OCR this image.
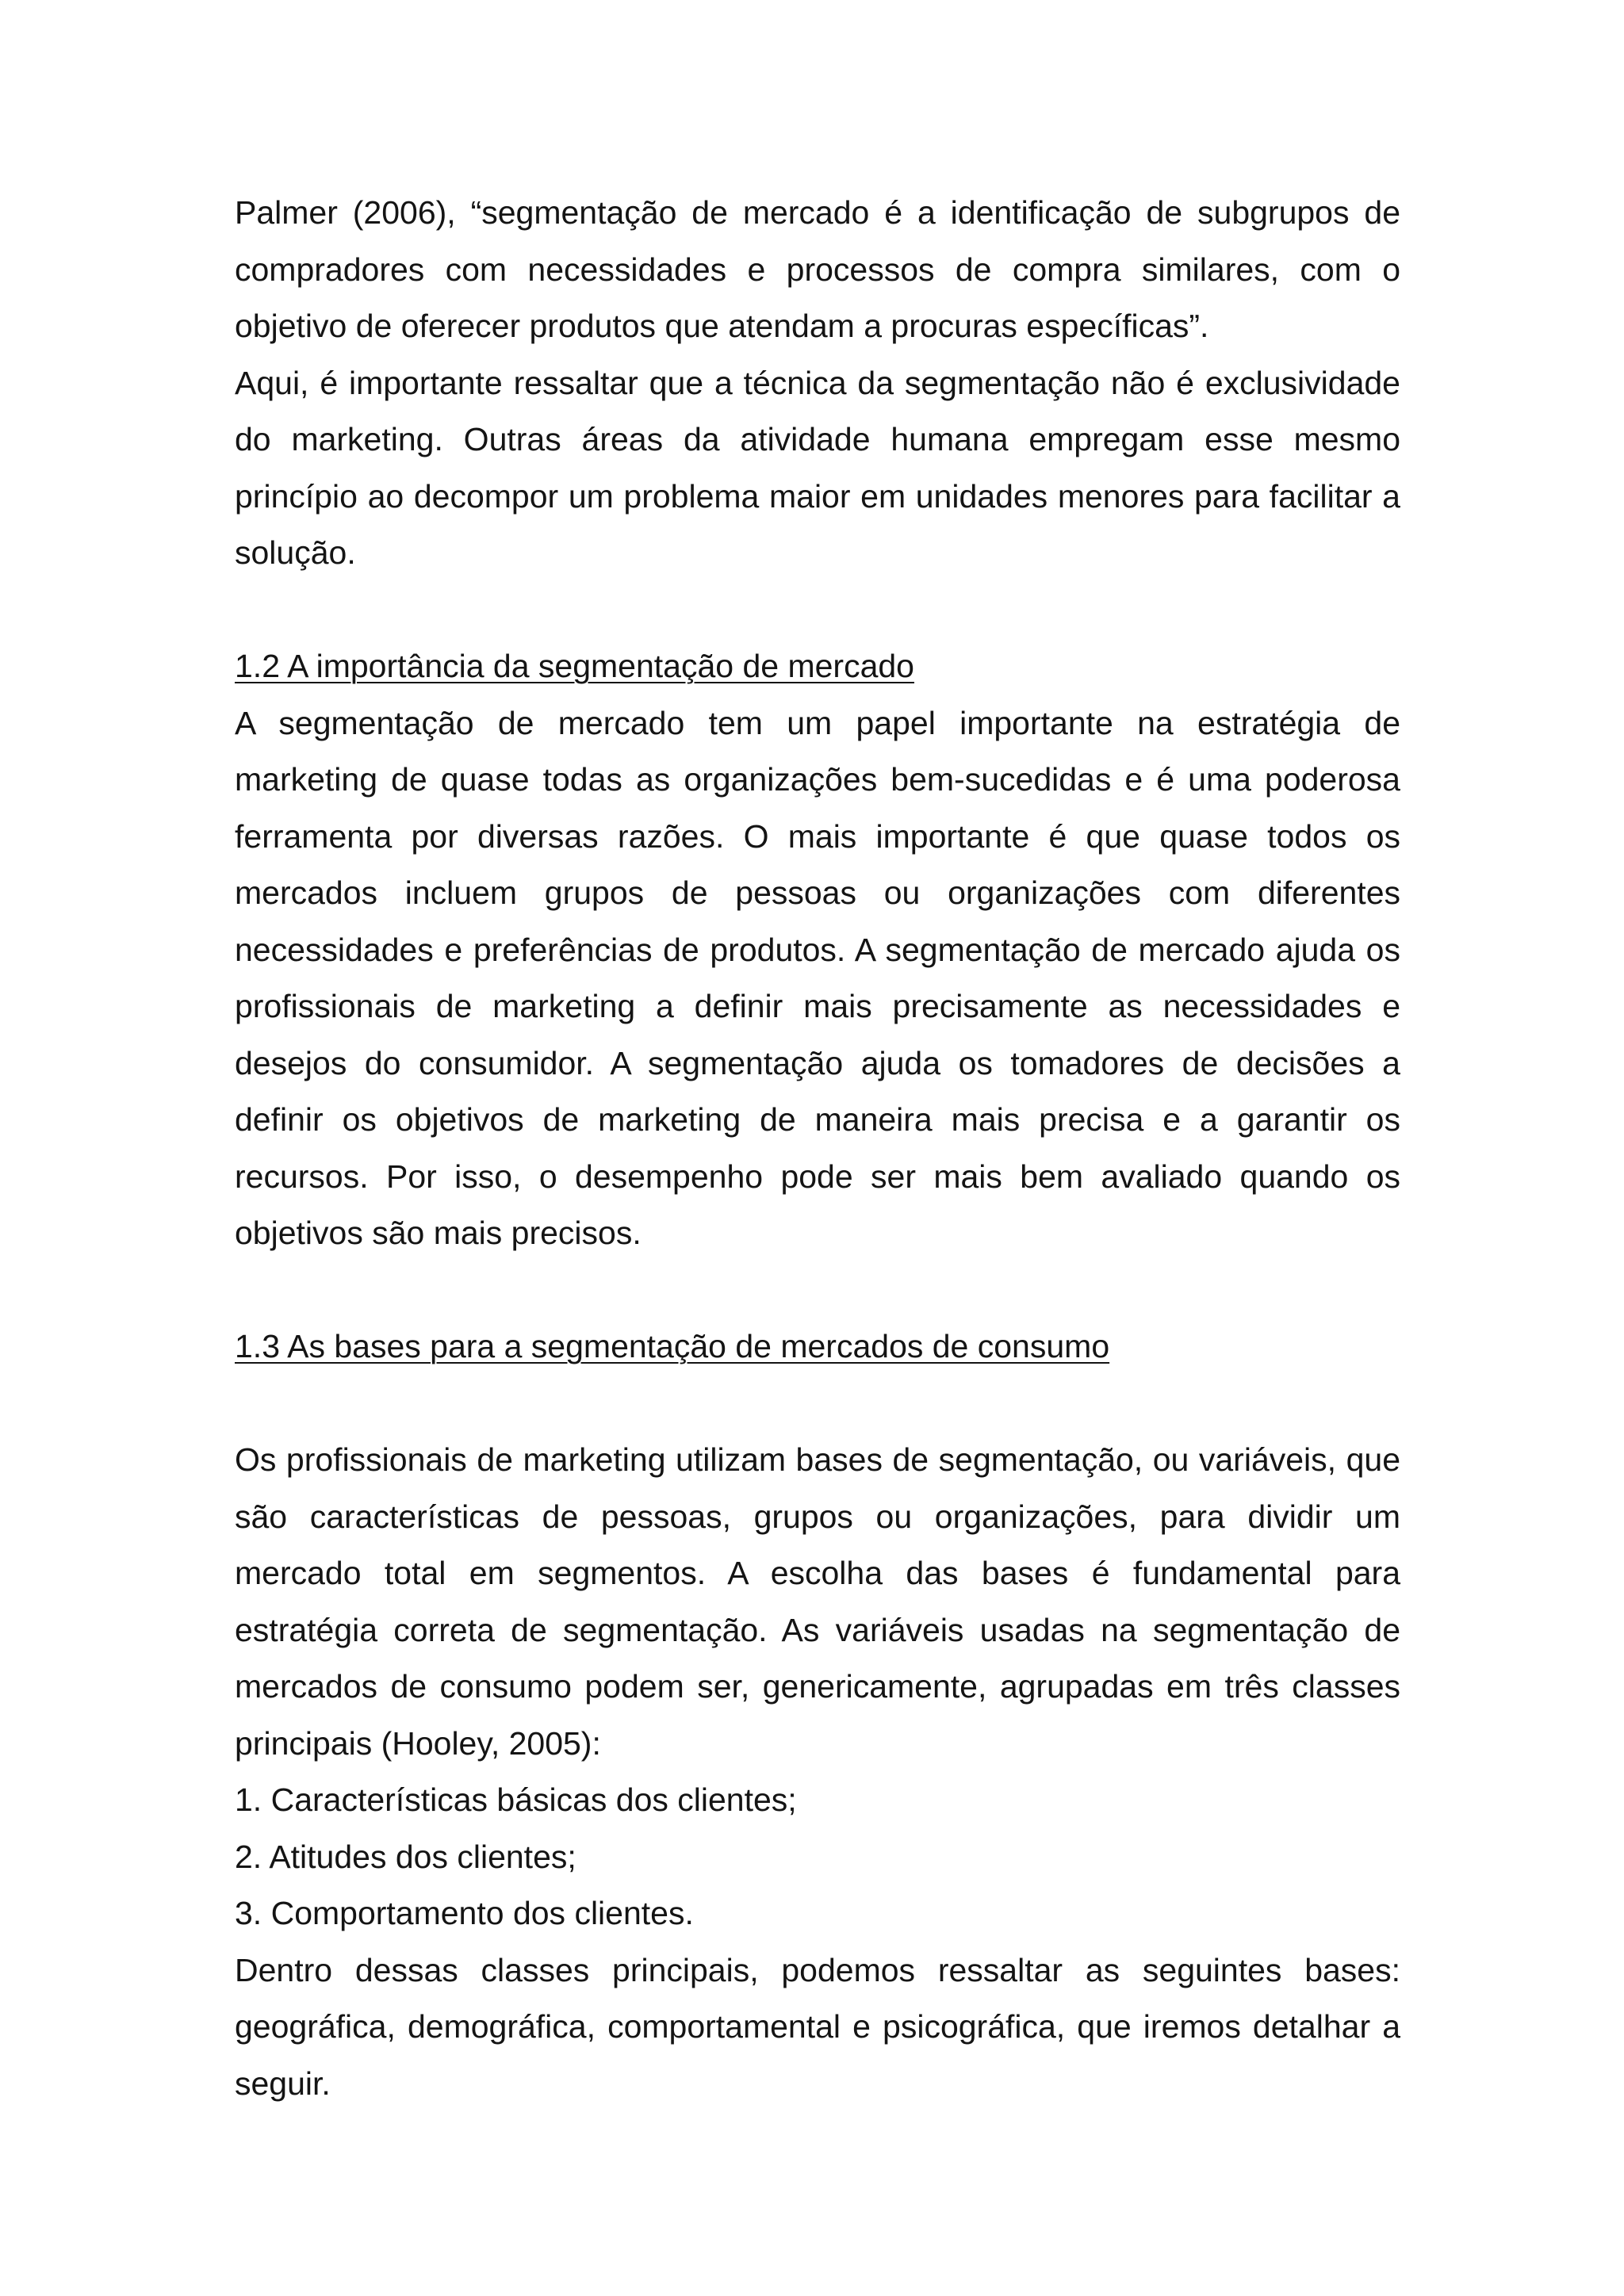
Palmer (2006), “segmentação de mercado é a identificação de subgrupos de compradores com necessidades e processos de compra similares, com o objetivo de oferecer produtos que atendam a procuras específicas”.

Aqui, é importante ressaltar que a técnica da segmentação não é exclusividade do marketing. Outras áreas da atividade humana empregam esse mesmo princípio ao decompor um problema maior em unidades menores para facilitar a solução.

1.2 A importância da segmentação de mercado

A segmentação de mercado tem um papel importante na estratégia de marketing de quase todas as organizações bem-sucedidas e é uma poderosa ferramenta por diversas razões. O mais importante é que quase todos os mercados incluem grupos de pessoas ou organizações com diferentes necessidades e preferências de produtos. A segmentação de mercado ajuda os profissionais de marketing a definir mais precisamente as necessidades e desejos do consumidor. A segmentação ajuda os tomadores de decisões a definir os objetivos de marketing de maneira mais precisa e a garantir os recursos. Por isso, o desempenho pode ser mais bem avaliado quando os objetivos são mais precisos.

1.3 As bases para a segmentação de mercados de consumo

Os profissionais de marketing utilizam bases de segmentação, ou variáveis, que são características de pessoas, grupos ou organizações, para dividir um mercado total em segmentos. A escolha das bases é fundamental para estratégia correta de segmentação. As variáveis usadas na segmentação de mercados de consumo podem ser, genericamente, agrupadas em três classes principais (Hooley, 2005):

1. Características básicas dos clientes;

2. Atitudes dos clientes;

3. Comportamento dos clientes.

Dentro dessas classes principais, podemos ressaltar as seguintes bases: geográfica, demográfica, comportamental e psicográfica, que iremos detalhar a seguir.
